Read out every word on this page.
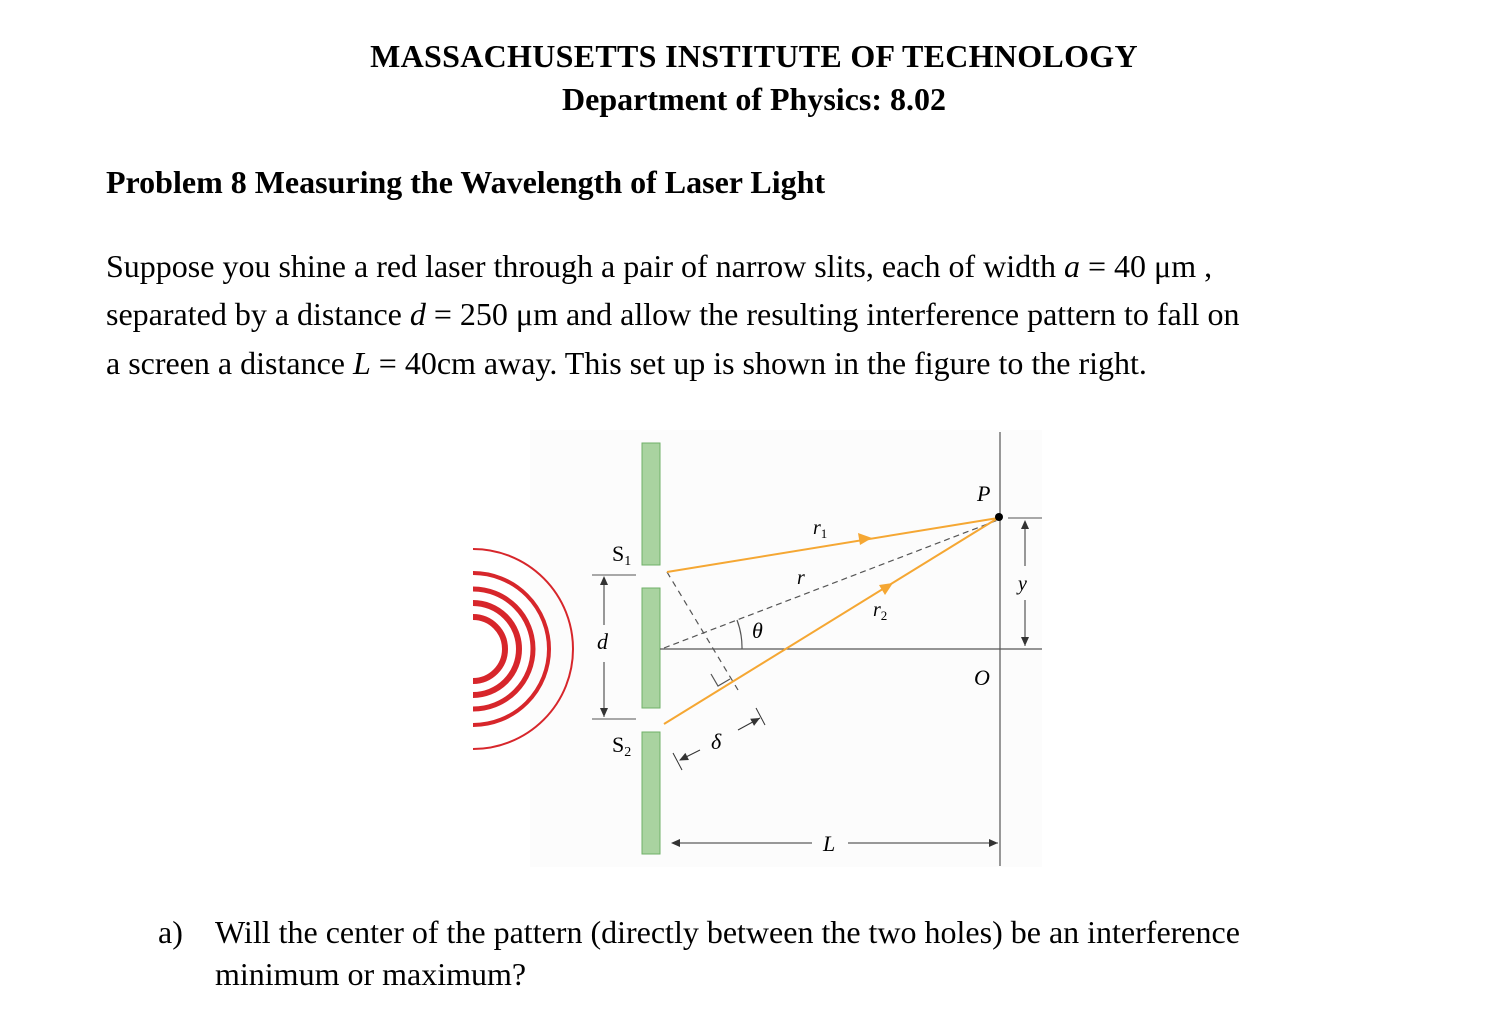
MASSACHUSETTS INSTITUTE OF TECHNOLOGY
Department of Physics: 8.02
Problem 8 Measuring the Wavelength of Laser Light
Suppose you shine a red laser through a pair of narrow slits, each of width a = 40 μm ,
separated by a distance d = 250 μm and allow the resulting interference pattern to fall on
a screen a distance L = 40cm away. This set up is shown in the figure to the right.
S1
S2
d
$r_1$
r
$r_2$
θ
δ
P
y
O
L
a) Will the center of the pattern (directly between the two holes) be an interference
minimum or maximum?
